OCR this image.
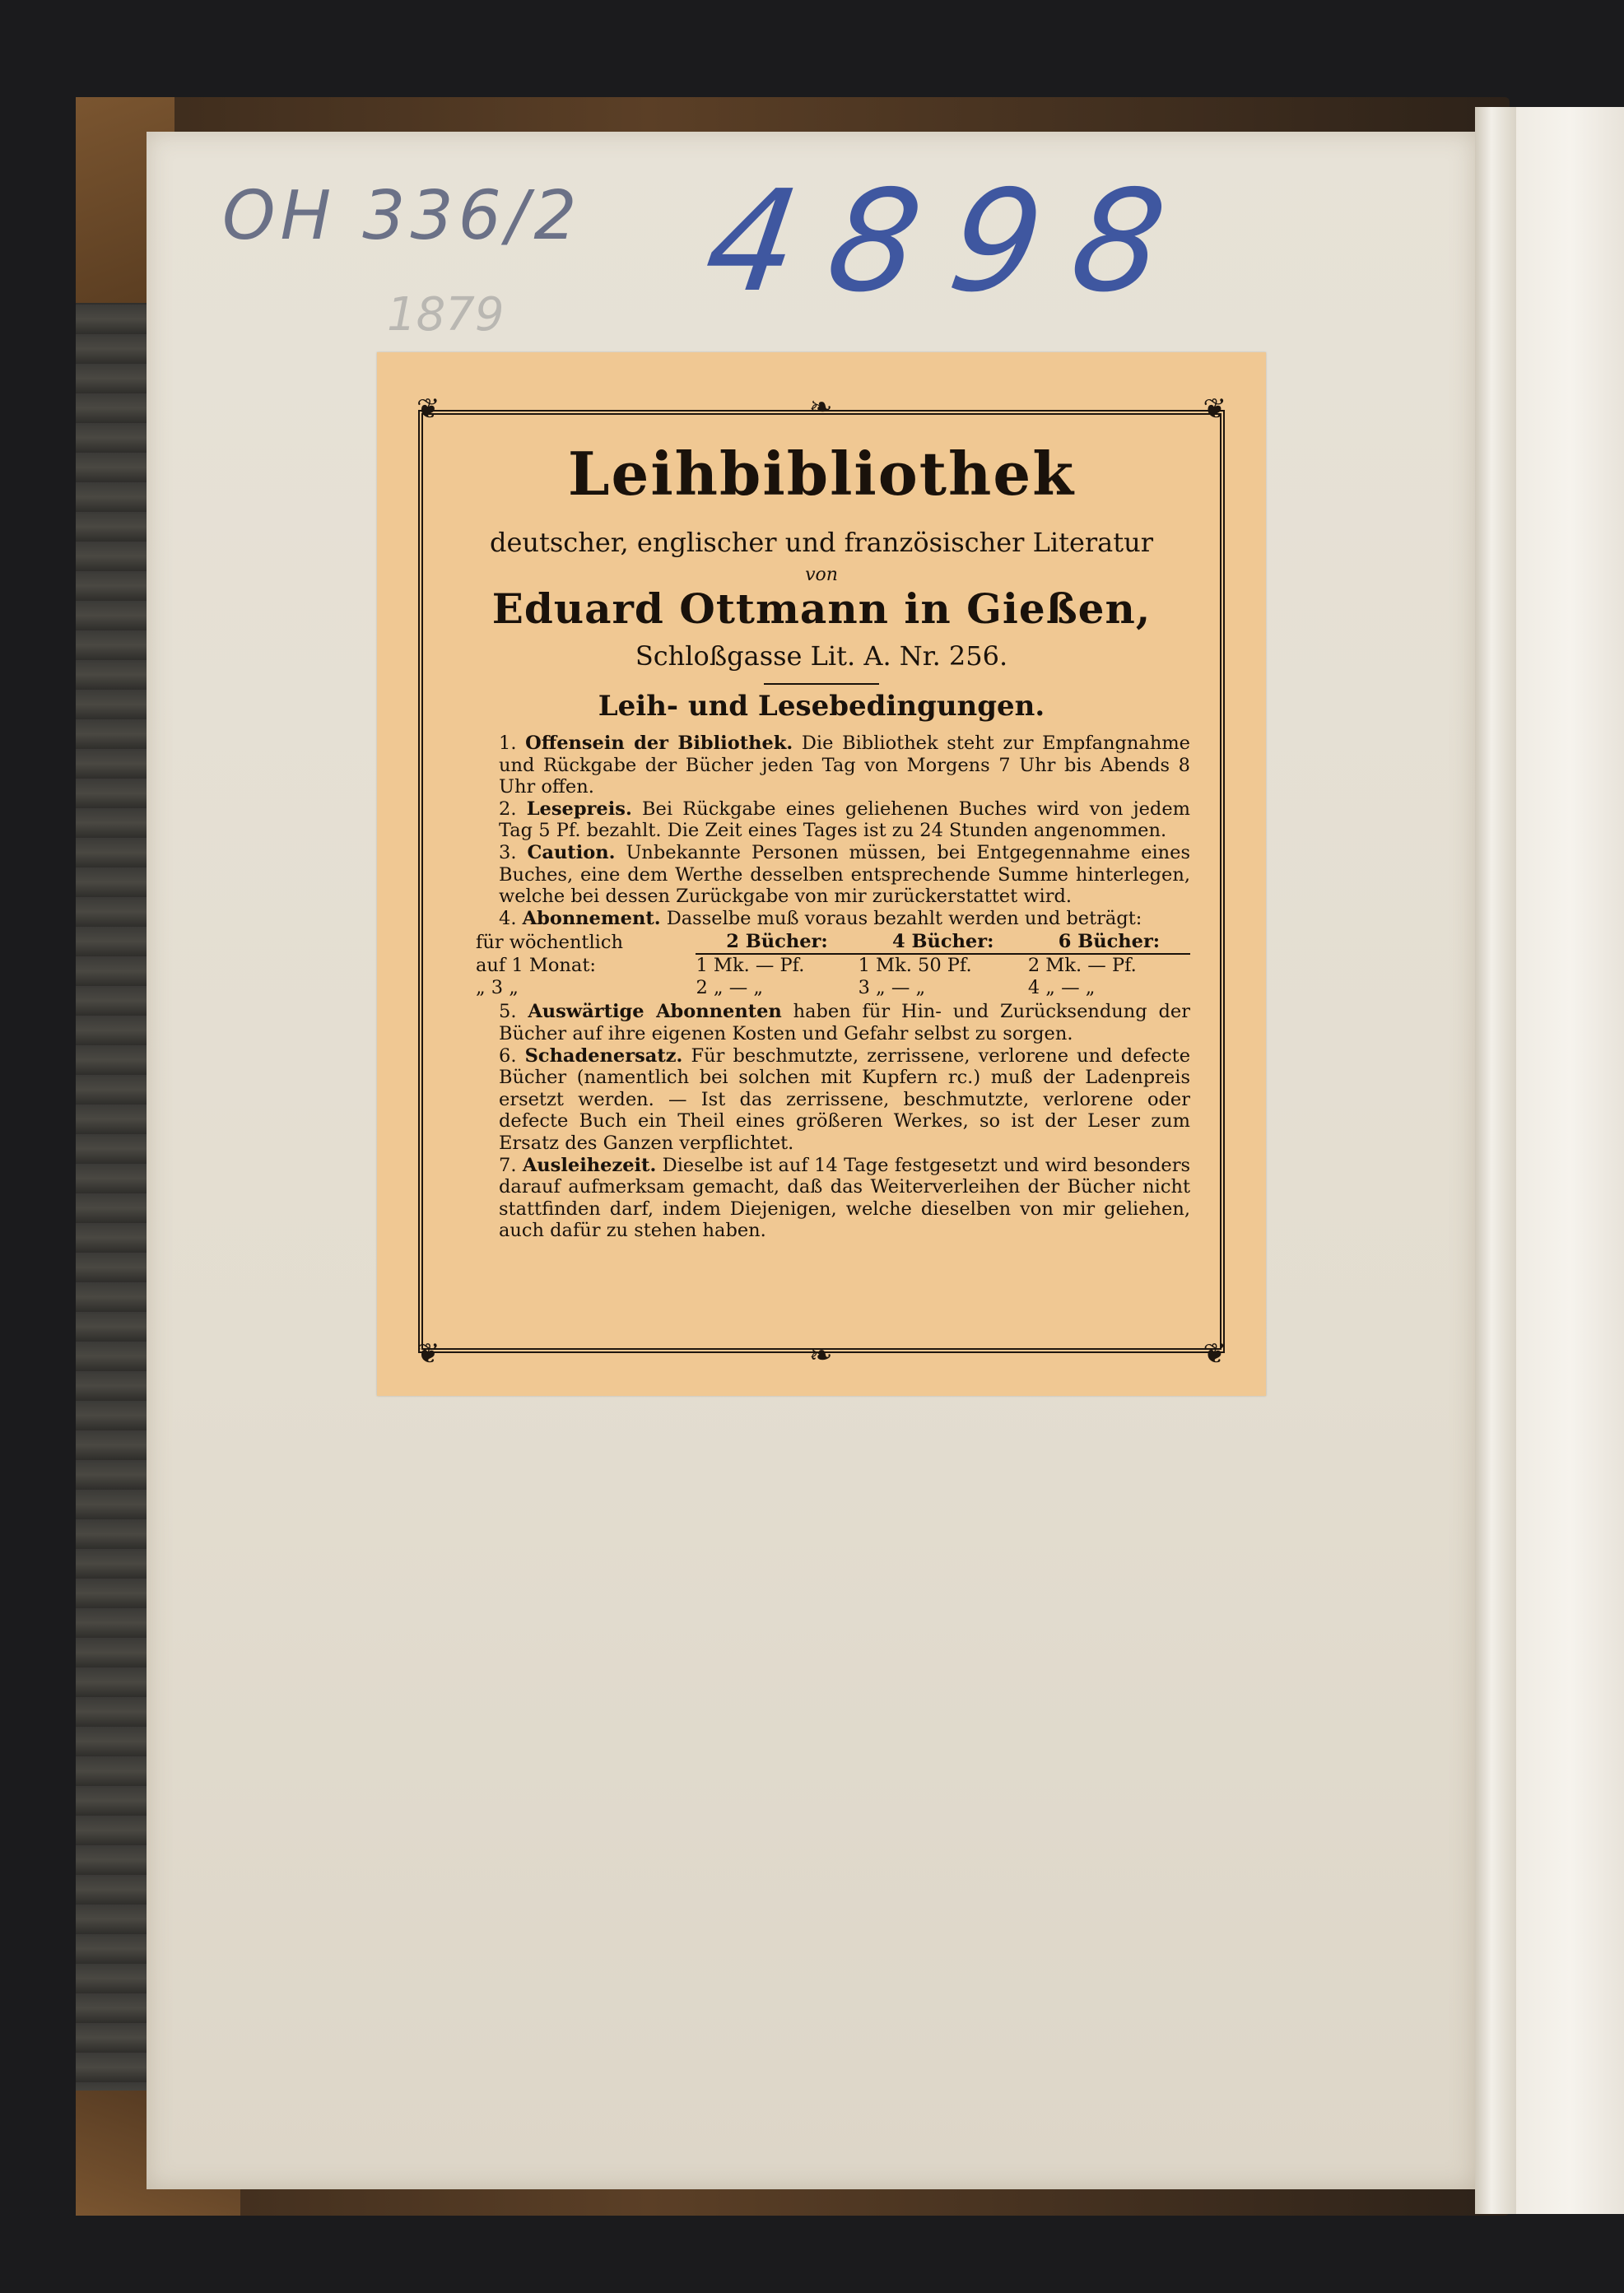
OH 336/2
1879 4898
❦	❧	❦
❦	❧	❦
Leihbibliothek
deutscher, englischer und französischer Literatur
von
Eduard Ottmann in Gießen,
Schloßgasse Lit. A. Nr. 256.
Leih- und Lesebedingungen.

1. Offensein der Bibliothek. Die Bibliothek steht zur Empfangnahme und Rückgabe der Bücher jeden Tag von Morgens 7 Uhr bis Abends 8 Uhr offen.

2. Lesepreis. Bei Rückgabe eines geliehenen Buches wird von jedem Tag 5 Pf. bezahlt. Die Zeit eines Tages ist zu 24 Stunden angenommen.

3. Caution. Unbekannte Personen müssen, bei Entgegennahme eines Buches, eine dem Werthe desselben entsprechende Summe hinterlegen, welche bei dessen Zurückgabe von mir zurückerstattet wird.

4. Abonnement. Dasselbe muß voraus bezahlt werden und beträgt:

für wöchentlich	2 Bücher:	4 Bücher:	6 Bücher:
auf 1 Monat:	1 Mk. — Pf.	1 Mk. 50 Pf.	2 Mk. — Pf.
„ 3 „	2 „ — „	3 „ — „	4 „ — „

5. Auswärtige Abonnenten haben für Hin- und Zurücksendung der Bücher auf ihre eigenen Kosten und Gefahr selbst zu sorgen.

6. Schadenersatz. Für beschmutzte, zerrissene, verlorene und defecte Bücher (namentlich bei solchen mit Kupfern rc.) muß der Ladenpreis ersetzt werden. — Ist das zerrissene, beschmutzte, verlorene oder defecte Buch ein Theil eines größeren Werkes, so ist der Leser zum Ersatz des Ganzen verpflichtet.

7. Ausleihezeit. Dieselbe ist auf 14 Tage festgesetzt und wird besonders darauf aufmerksam gemacht, daß das Weiterverleihen der Bücher nicht stattfinden darf, indem Diejenigen, welche dieselben von mir geliehen, auch dafür zu stehen haben.
